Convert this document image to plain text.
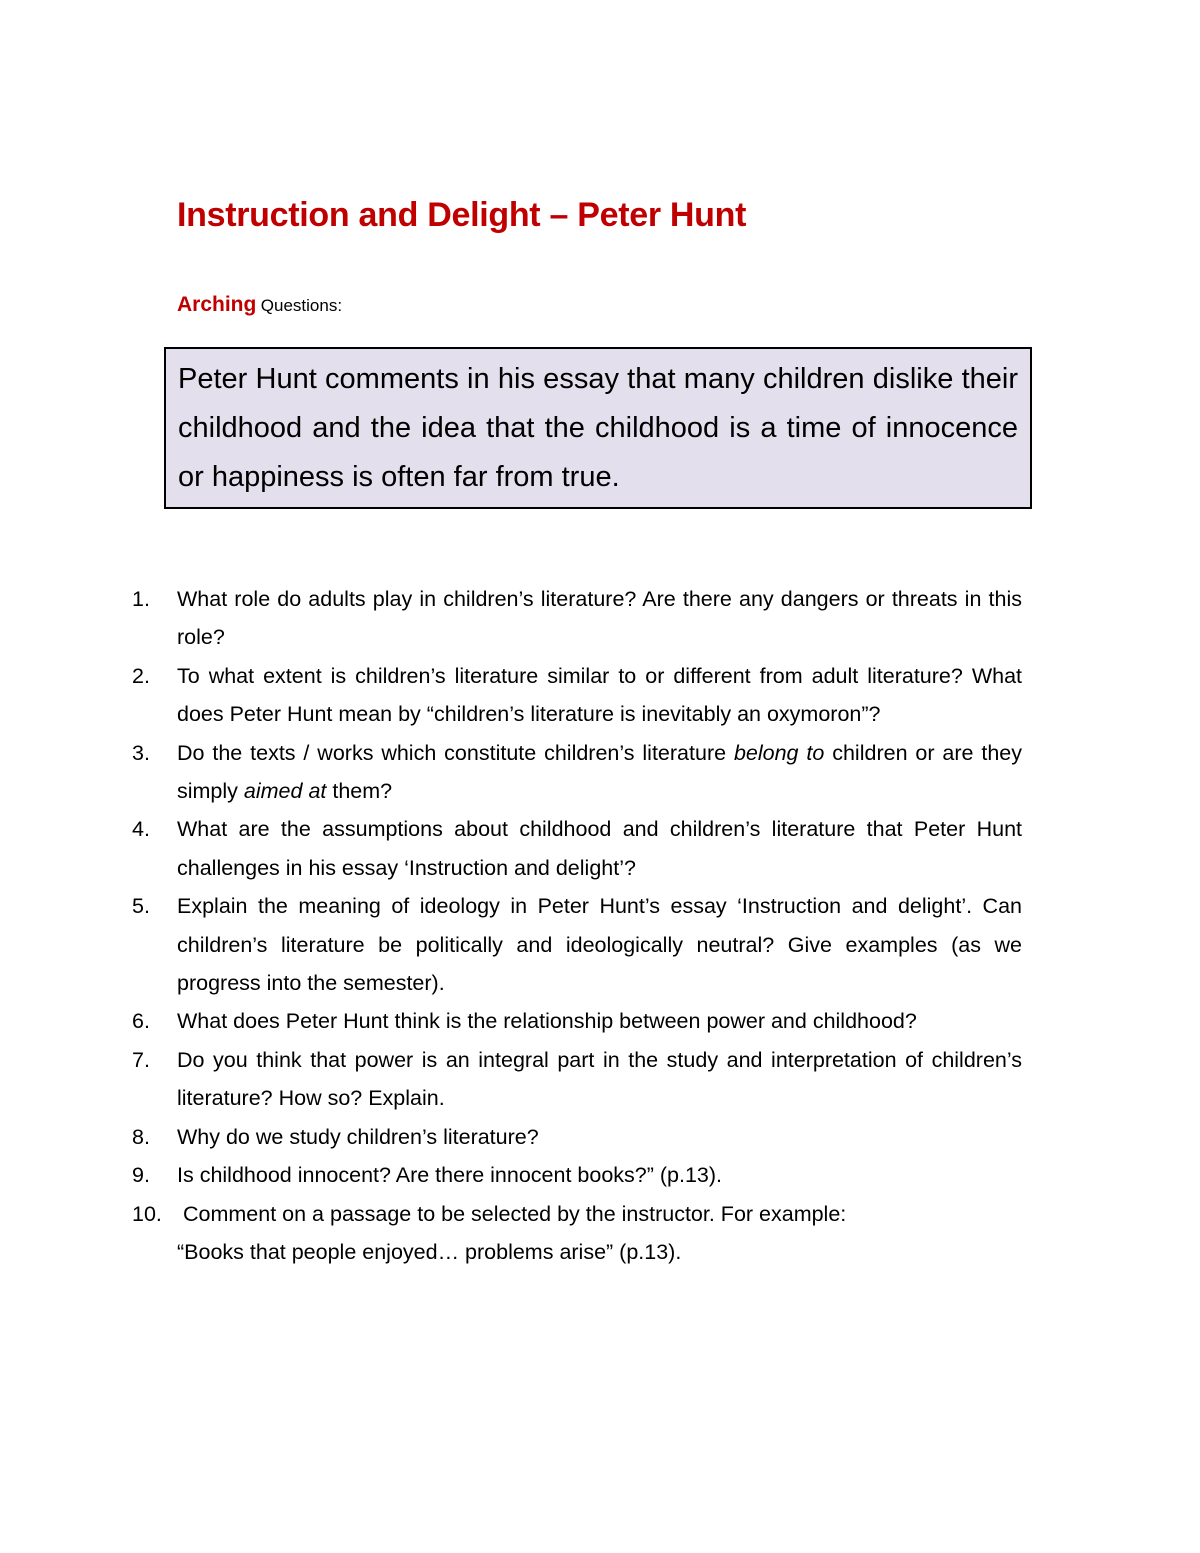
Instruction and Delight – Peter Hunt

Arching Questions:

Peter Hunt comments in his essay that many children dislike their childhood and the idea that the childhood is a time of innocence or happiness is often far from true.

1.	What role do adults play in children’s literature? Are there any dangers or threats in this role?
2.	To what extent is children’s literature similar to or different from adult literature? What does Peter Hunt mean by “children’s literature is inevitably an oxymoron”?
3.	Do the texts / works which constitute children’s literature belong to children or are they simply aimed at them?
4.	What are the assumptions about childhood and children’s literature that Peter Hunt challenges in his essay ‘Instruction and delight’?
5.	Explain the meaning of ideology in Peter Hunt’s essay ‘Instruction and delight’. Can children’s literature be politically and ideologically neutral? Give examples (as we progress into the semester).
6.	What does Peter Hunt think is the relationship between power and childhood?
7.	Do you think that power is an integral part in the study and interpretation of children’s literature? How so? Explain.
8.	Why do we study children’s literature?
9.	Is childhood innocent? Are there innocent books?” (p.13).
10. Comment on a passage to be selected by the instructor. For example:
“Books that people enjoyed… problems arise” (p.13).
